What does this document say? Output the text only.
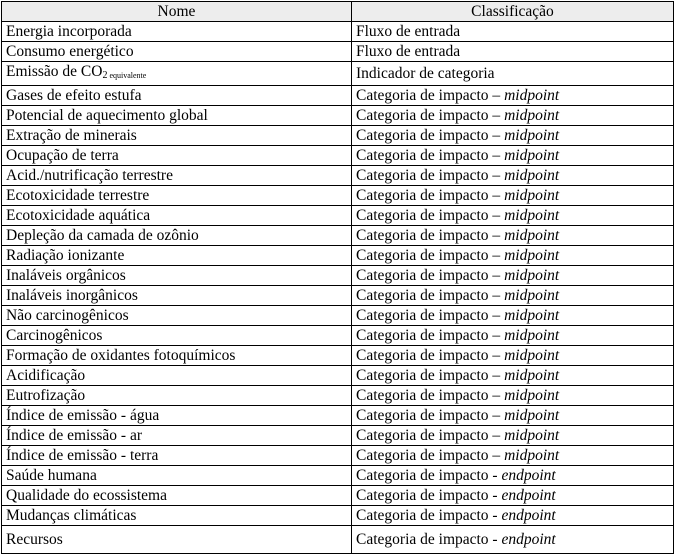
Nome	Classificação
Energia incorporada	Fluxo de entrada
Consumo energético	Fluxo de entrada
Emissão de $CO_2$ equivalente	Indicador de categoria
Gases de efeito estufa	Categoria de impacto – midpoint
Potencial de aquecimento global	Categoria de impacto – midpoint
Extração de minerais	Categoria de impacto – midpoint
Ocupação de terra	Categoria de impacto – midpoint
Acid./nutrificação terrestre	Categoria de impacto – midpoint
Ecotoxicidade terrestre	Categoria de impacto – midpoint
Ecotoxicidade aquática	Categoria de impacto – midpoint
Depleção da camada de ozônio	Categoria de impacto – midpoint
Radiação ionizante	Categoria de impacto – midpoint
Inaláveis orgânicos	Categoria de impacto – midpoint
Inaláveis inorgânicos	Categoria de impacto – midpoint
Não carcinogênicos	Categoria de impacto – midpoint
Carcinogênicos	Categoria de impacto – midpoint
Formação de oxidantes fotoquímicos	Categoria de impacto – midpoint
Acidificação	Categoria de impacto – midpoint
Eutrofização	Categoria de impacto – midpoint
Índice de emissão - água	Categoria de impacto – midpoint
Índice de emissão - ar	Categoria de impacto – midpoint
Índice de emissão - terra	Categoria de impacto – midpoint
Saúde humana	Categoria de impacto - endpoint
Qualidade do ecossistema	Categoria de impacto - endpoint
Mudanças climáticas	Categoria de impacto - endpoint
Recursos	Categoria de impacto - endpoint
